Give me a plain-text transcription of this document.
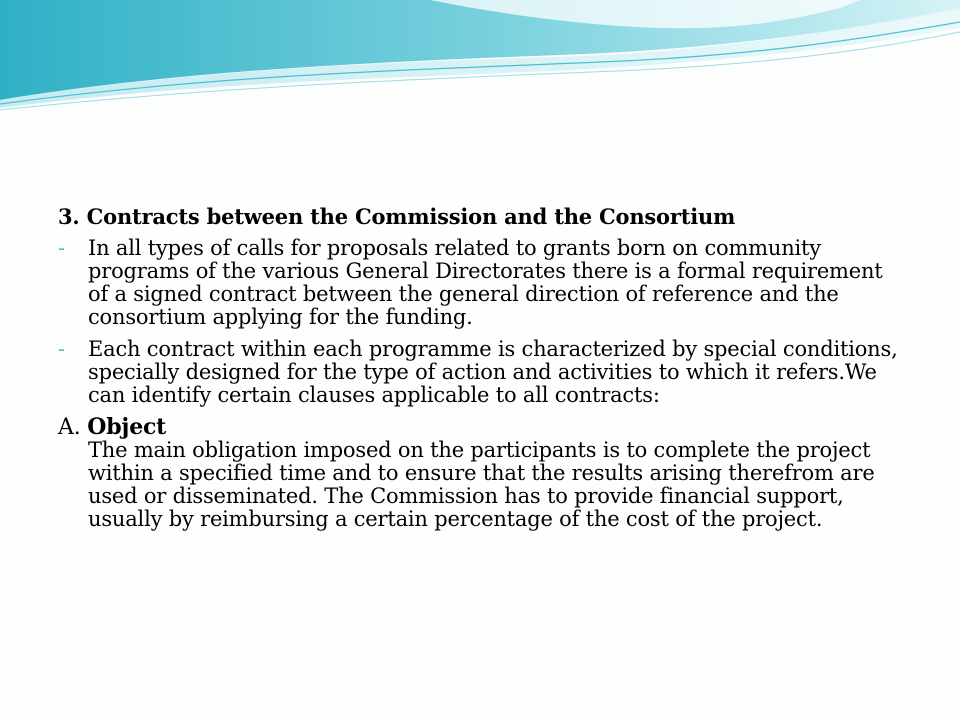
3. Contracts between the Commission and the Consortium
- In all types of calls for proposals related to grants born on community programs of the various General Directorates there is a formal requirement of a signed contract between the general direction of reference and the consortium applying for the funding.
- Each contract within each programme is characterized by special conditions, specially designed for the type of action and activities to which it refers.We can identify certain clauses applicable to all contracts:
A. Object
The main obligation imposed on the participants is to complete the project within a specified time and to ensure that the results arising therefrom are used or disseminated. The Commission has to provide financial support, usually by reimbursing a certain percentage of the cost of the project.
